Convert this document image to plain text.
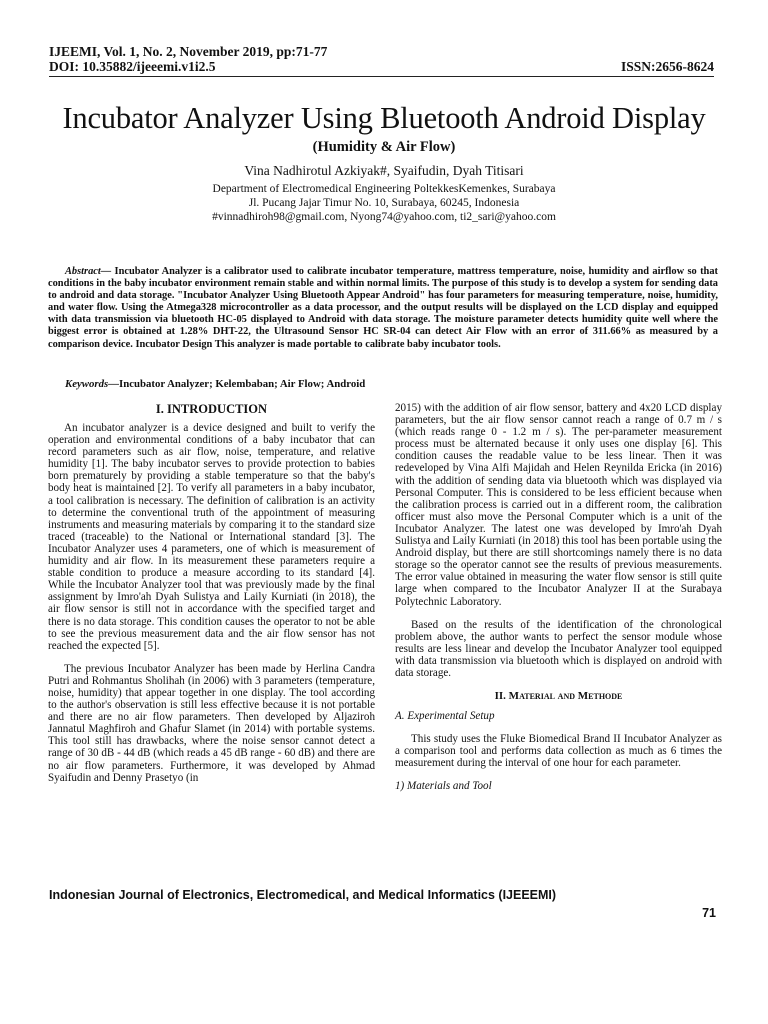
IJEEMI, Vol. 1, No. 2, November 2019, pp:71-77
DOI: 10.35882/ijeeemi.v1i2.5	ISSN:2656-8624
Incubator Analyzer Using Bluetooth Android Display
(Humidity & Air Flow)
Vina Nadhirotul Azkiyak#, Syaifudin, Dyah Titisari
Department of Electromedical Engineering PoltekkesKemenkes, Surabaya
Jl. Pucang Jajar Timur No. 10, Surabaya, 60245, Indonesia
#vinnadhiroh98@gmail.com, Nyong74@yahoo.com, ti2_sari@yahoo.com
Abstract— Incubator Analyzer is a calibrator used to calibrate incubator temperature, mattress temperature, noise, humidity and airflow so that conditions in the baby incubator environment remain stable and within normal limits. The purpose of this study is to develop a system for sending data to android and data storage. "Incubator Analyzer Using Bluetooth Appear Android" has four parameters for measuring temperature, noise, humidity, and water flow. Using the Atmega328 microcontroller as a data processor, and the output results will be displayed on the LCD display and equipped with data transmission via bluetooth HC-05 displayed to Android with data storage. The moisture parameter detects humidity quite well where the biggest error is obtained at 1.28% DHT-22, the Ultrasound Sensor HC SR-04 can detect Air Flow with an error of 311.66% as measured by a comparison device. Incubator Design This analyzer is made portable to calibrate baby incubator tools.
Keywords—Incubator Analyzer; Kelembaban; Air Flow; Android
I. INTRODUCTION

An incubator analyzer is a device designed and built to verify the operation and environmental conditions of a baby incubator that can record parameters such as air flow, noise, temperature, and relative humidity [1]. The baby incubator serves to provide protection to babies born prematurely by providing a stable temperature so that the baby's body heat is maintained [2]. To verify all parameters in a baby incubator, a tool calibration is necessary. The definition of calibration is an activity to determine the conventional truth of the appointment of measuring instruments and measuring materials by comparing it to the standard size traced (traceable) to the National or International standard [3]. The Incubator Analyzer uses 4 parameters, one of which is measurement of humidity and air flow. In its measurement these parameters require a stable condition to produce a measure according to its standard [4]. While the Incubator Analyzer tool that was previously made by the final assignment by Imro'ah Dyah Sulistya and Laily Kurniati (in 2018), the air flow sensor is still not in accordance with the specified target and there is no data storage. This condition causes the operator to not be able to see the previous measurement data and the air flow sensor has not reached the expected [5].

The previous Incubator Analyzer has been made by Herlina Candra Putri and Rohmantus Sholihah (in 2006) with 3 parameters (temperature, noise, humidity) that appear together in one display. The tool according to the author's observation is still less effective because it is not portable and there are no air flow parameters. Then developed by Aljaziroh Jannatul Maghfiroh and Ghafur Slamet (in 2014) with portable systems. This tool still has drawbacks, where the noise sensor cannot detect a range of 30 dB - 44 dB (which reads a 45 dB range - 60 dB) and there are no air flow parameters. Furthermore, it was developed by Ahmad Syaifudin and Denny Prasetyo (in

2015) with the addition of air flow sensor, battery and 4x20 LCD display parameters, but the air flow sensor cannot reach a range of 0.7 m / s (which reads range 0 - 1.2 m / s). The per-parameter measurement process must be alternated because it only uses one display [6]. This condition causes the readable value to be less linear. Then it was redeveloped by Vina Alfi Majidah and Helen Reynilda Ericka (in 2016) with the addition of sending data via bluetooth which was displayed via Personal Computer. This is considered to be less efficient because when the calibration process is carried out in a different room, the calibration officer must also move the Personal Computer which is a unit of the Incubator Analyzer. The latest one was developed by Imro'ah Dyah Sulistya and Laily Kurniati (in 2018) this tool has been portable using the Android display, but there are still shortcomings namely there is no data storage so the operator cannot see the results of previous measurements. The error value obtained in measuring the water flow sensor is still quite large when compared to the Incubator Analyzer II at the Surabaya Polytechnic Laboratory.

Based on the results of the identification of the chronological problem above, the author wants to perfect the sensor module whose results are less linear and develop the Incubator Analyzer tool equipped with data transmission via bluetooth which is displayed on android with data storage.

II. Material and Methode

A. Experimental Setup

This study uses the Fluke Biomedical Brand II Incubator Analyzer as a comparison tool and performs data collection as much as 6 times the measurement during the interval of one hour for each parameter.

1) Materials and Tool

Indonesian Journal of Electronics, Electromedical, and Medical Informatics (IJEEEMI)
71
